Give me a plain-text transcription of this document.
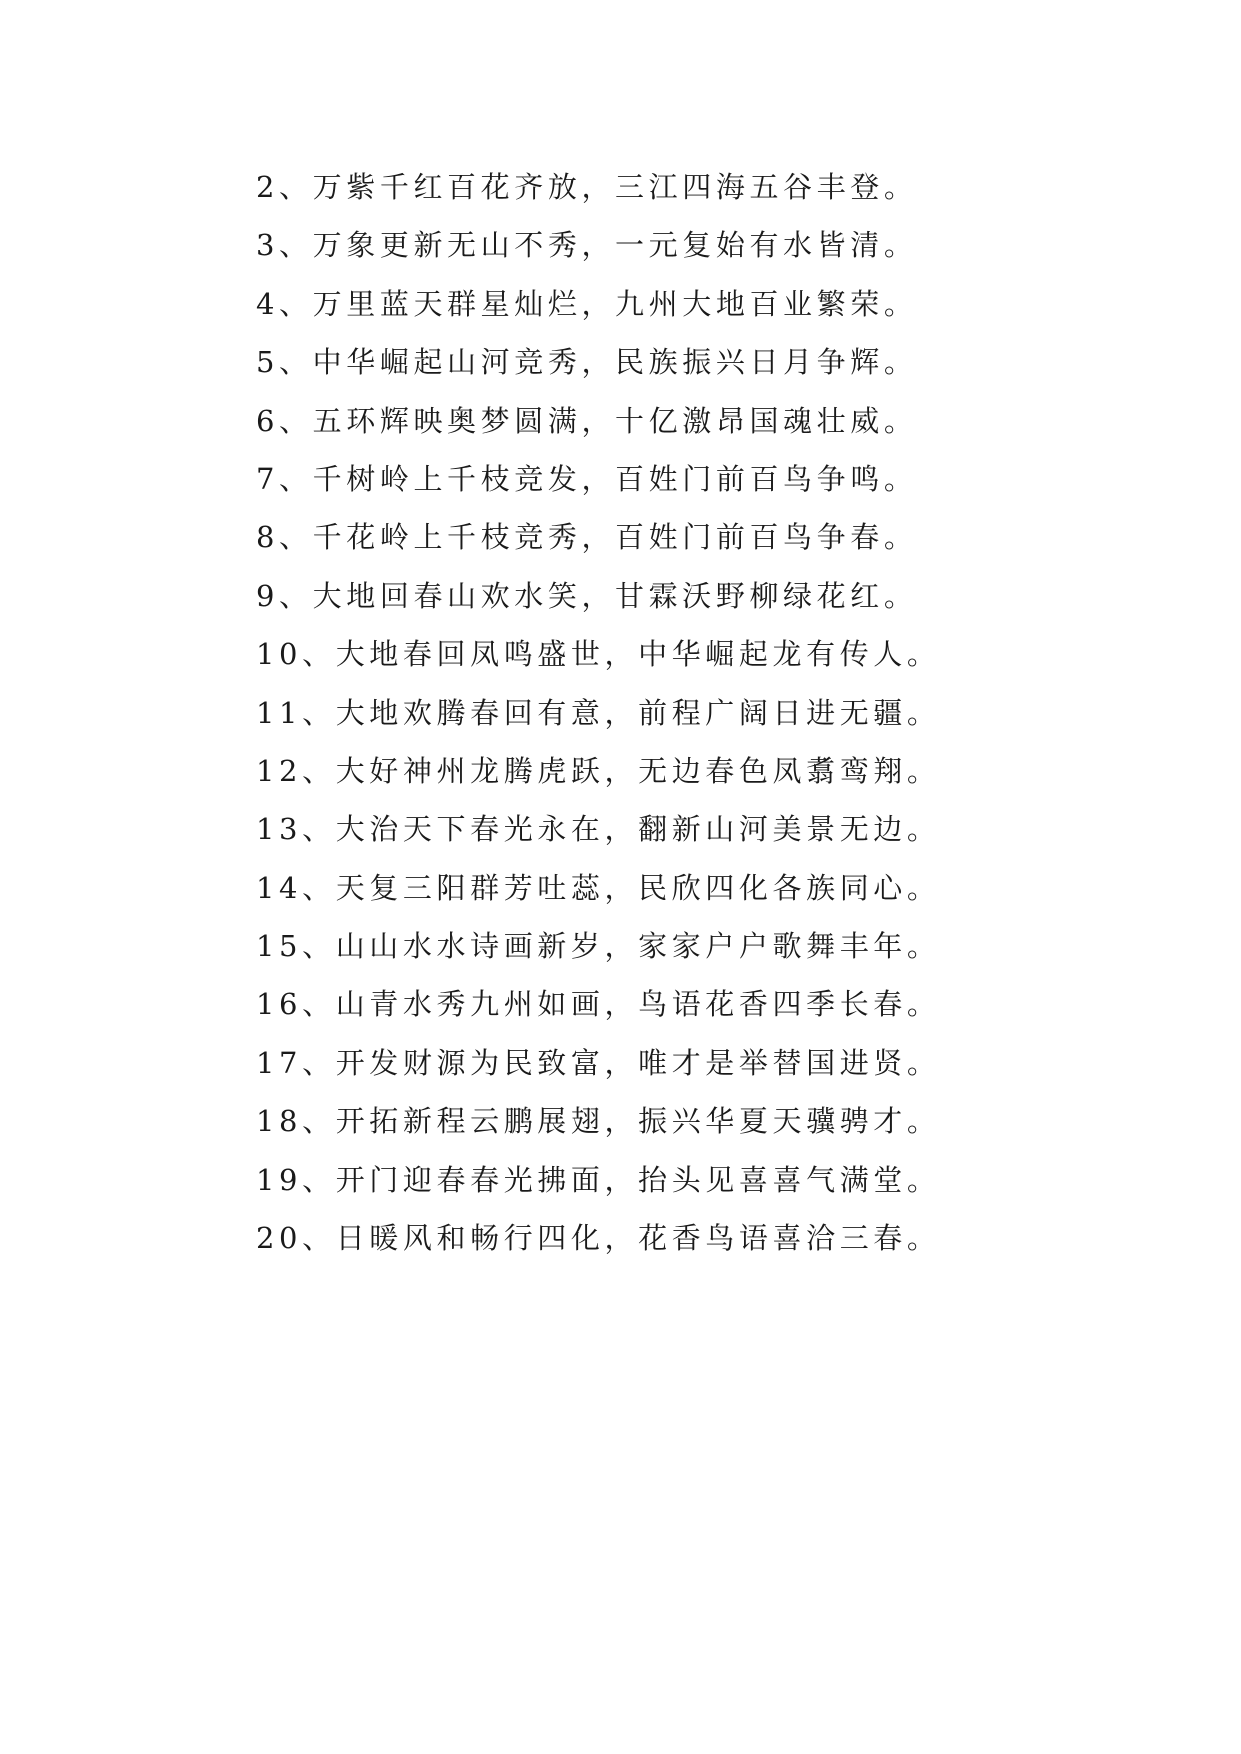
2、万紫千红百花齐放，三江四海五谷丰登。
3、万象更新无山不秀，一元复始有水皆清。
4、万里蓝天群星灿烂，九州大地百业繁荣。
5、中华崛起山河竞秀，民族振兴日月争辉。
6、五环辉映奥梦圆满，十亿激昂国魂壮威。
7、千树岭上千枝竞发，百姓门前百鸟争鸣。
8、千花岭上千枝竞秀，百姓门前百鸟争春。
9、大地回春山欢水笑，甘霖沃野柳绿花红。
10、大地春回凤鸣盛世，中华崛起龙有传人。
11、大地欢腾春回有意，前程广阔日进无疆。
12、大好神州龙腾虎跃，无边春色凤翥鸾翔。
13、大治天下春光永在，翻新山河美景无边。
14、天复三阳群芳吐蕊，民欣四化各族同心。
15、山山水水诗画新岁，家家户户歌舞丰年。
16、山青水秀九州如画，鸟语花香四季长春。
17、开发财源为民致富，唯才是举替国进贤。
18、开拓新程云鹏展翅，振兴华夏天骥骋才。
19、开门迎春春光拂面，抬头见喜喜气满堂。
20、日暖风和畅行四化，花香鸟语喜洽三春。
